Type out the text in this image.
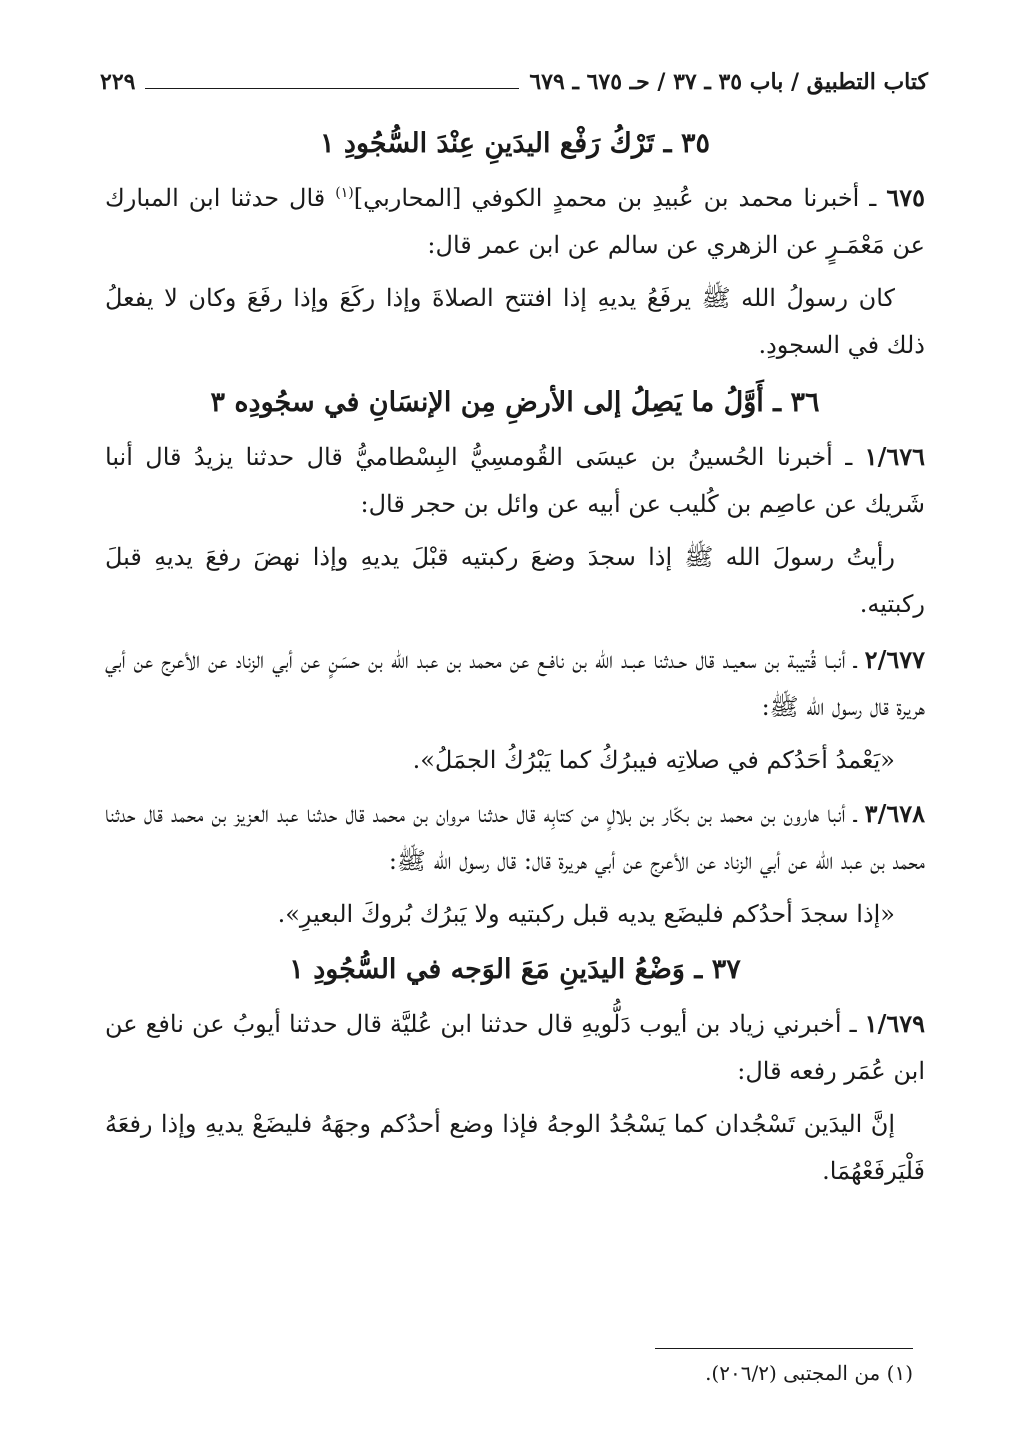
كتاب التطبيق / باب ٣٥ ـ ٣٧ / حـ ٦٧٥ ـ ٦٧٩
٢٢٩
٣٥ ـ تَرْكُ رَفْع اليدَينِ عِنْدَ السُّجُودِ ١

٦٧٥ ـ أخبرنا محمد بن عُبيدِ بن محمدٍ الكوفي [المحاربي]$^{(١)}$ قال حدثنا ابن المبارك عن مَعْمَـرٍ عن الزهري عن سالم عن ابن عمر قال:

كان رسولُ الله ﷺ يرفَعُ يديهِ إذا افتتح الصلاةَ وإذا ركَعَ وإذا رفَعَ وكان لا يفعلُ ذلك في السجودِ.

٣٦ ـ أَوَّلُ ما يَصِلُ إلى الأرضِ مِن الإنسَانِ في سجُودِه ٣

١/٦٧٦ ـ أخبرنا الحُسينُ بن عيسَى القُومسِيُّ البِسْطاميُّ قال حدثنا يزيدُ قال أنبا شَريك عن عاصِم بن كُليب عن أبيه عن وائل بن حجر قال:

رأيتُ رسولَ الله ﷺ إذا سجدَ وضعَ ركبتيه قبْلَ يديهِ وإذا نهضَ رفعَ يديهِ قبلَ ركبتيه.

٢/٦٧٧ ـ أنبـا قُتيبة بن سعيـد قال حـدثنا عبـد الله بن نافـع عن محمد بن عبد الله بن حسَنٍ عن أبي الزناد عن الأعرج عن أبي هريرة قال رسول الله ﷺ:

«يَعْمدُ أحَدُكم في صلاتِه فيبرُكُ كما يَبْرُكُ الجمَلُ».

٣/٦٧٨ ـ أنبا هارون بن محمد بن بكّار بن بلالٍ من كتابِه قال حدثنا مروان بن محمد قال حدثنا عبد العزيز بن محمد قال حدثنا محمد بن عبد الله عن أبي الزناد عن الأعرج عن أبي هريرة قال: قال رسول الله ﷺ:

«إذا سجدَ أحدُكم فليضَع يديه قبل ركبتيه ولا يَبرُك بُروكَ البعيرِ».

٣٧ ـ وَضْعُ اليدَينِ مَعَ الوَجه في السُّجُودِ ١

١/٦٧٩ ـ أخبرني زياد بن أيوب دَلُّويهِ قال حدثنا ابن عُليَّة قال حدثنا أيوبُ عن نافع عن ابن عُمَر رفعه قال:

إنَّ اليدَين تَسْجُدان كما يَسْجُدُ الوجهُ فإذا وضع أحدُكم وجهَهُ فليضَعْ يديهِ وإذا رفعَهُ فَلْيَرفَعْهُمَا.

(١) من المجتبى (٢٠٦/٢).
